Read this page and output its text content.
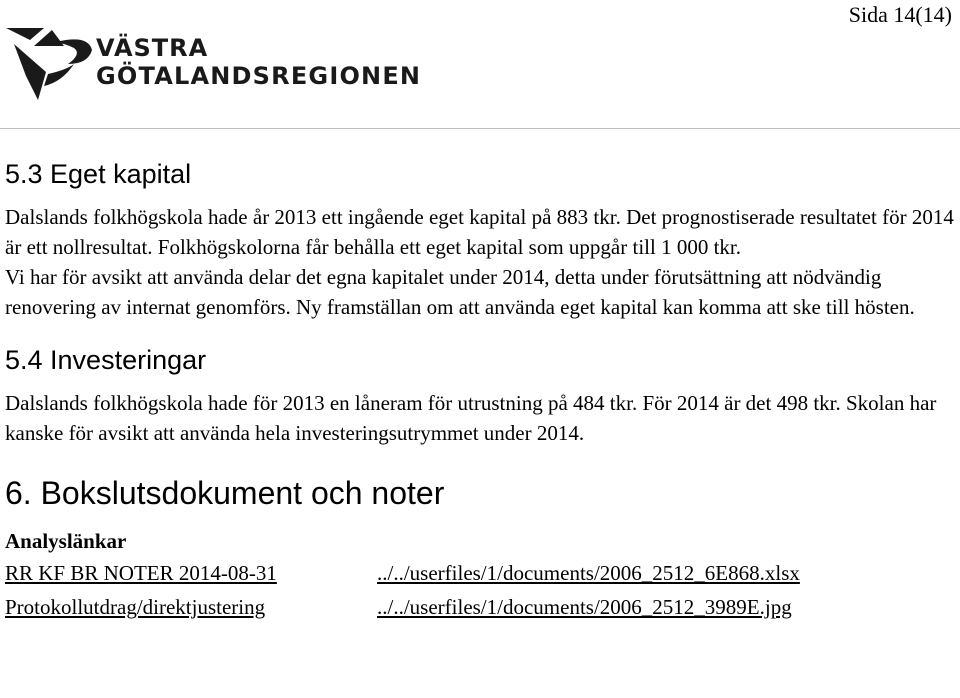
Sida 14(14)
VÄSTRA
GÖTALANDSREGIONEN
5.3 Eget kapital

Dalslands folkhögskola hade år 2013 ett ingående eget kapital på 883 tkr. Det prognostiserade resultatet för 2014 är ett nollresultat. Folkhögskolorna får behålla ett eget kapital som uppgår till 1 000 tkr.

Vi har för avsikt att använda delar det egna kapitalet under 2014, detta under förutsättning att nödvändig renovering av internat genomförs. Ny framställan om att använda eget kapital kan komma att ske till hösten.

5.4 Investeringar

Dalslands folkhögskola hade för 2013 en låneram för utrustning på 484 tkr. För 2014 är det 498 tkr. Skolan har kanske för avsikt att använda hela investeringsutrymmet under 2014.

6. Bokslutsdokument och noter
Analyslänkar
RR KF BR NOTER 2014-08-31	../../userfiles/1/documents/2006_2512_6E868.xlsx
Protokollutdrag/direktjustering	../../userfiles/1/documents/2006_2512_3989E.jpg
